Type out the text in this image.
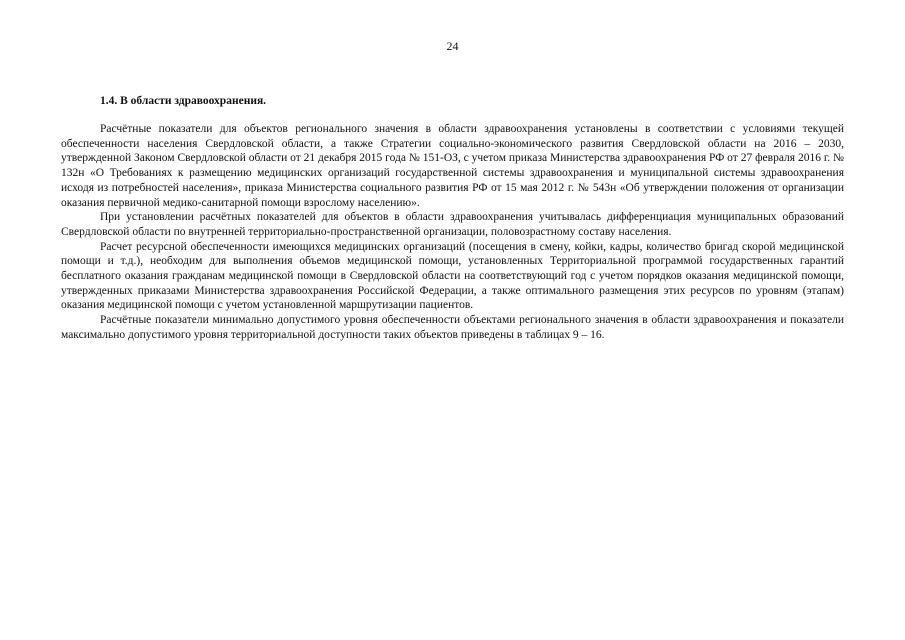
24
1.4. В области здравоохранения.

Расчётные показатели для объектов регионального значения в области здравоохранения установлены в соответствии с условиями текущей обеспеченности населения Свердловской области, а также Стратегии социально-экономического развития Свердловской области на 2016 – 2030, утвержденной Законом Свердловской области от 21 декабря 2015 года № 151-ОЗ, с учетом приказа Министерства здравоохранения РФ от 27 февраля 2016 г. № 132н «О Требованиях к размещению медицинских организаций государственной системы здравоохранения и муниципальной системы здравоохранения исходя из потребностей населения», приказа Министерства социального развития РФ от 15 мая 2012 г. № 543н «Об утверждении положения от организации оказания первичной медико-санитарной помощи взрослому населению».

При установлении расчётных показателей для объектов в области здравоохранения учитывалась дифференциация муниципальных образований Свердловской области по внутренней территориально-пространственной организации, половозрастному составу населения.

Расчет ресурсной обеспеченности имеющихся медицинских организаций (посещения в смену, койки, кадры, количество бригад скорой медицинской помощи и т.д.), необходим для выполнения объемов медицинской помощи, установленных Территориальной программой государственных гарантий бесплатного оказания гражданам медицинской помощи в Свердловской области на соответствующий год с учетом порядков оказания медицинской помощи, утвержденных приказами Министерства здравоохранения Российской Федерации, а также оптимального размещения этих ресурсов по уровням (этапам) оказания медицинской помощи с учетом установленной маршрутизации пациентов.

Расчётные показатели минимально допустимого уровня обеспеченности объектами регионального значения в области здравоохранения и показатели максимально допустимого уровня территориальной доступности таких объектов приведены в таблицах 9 – 16.
